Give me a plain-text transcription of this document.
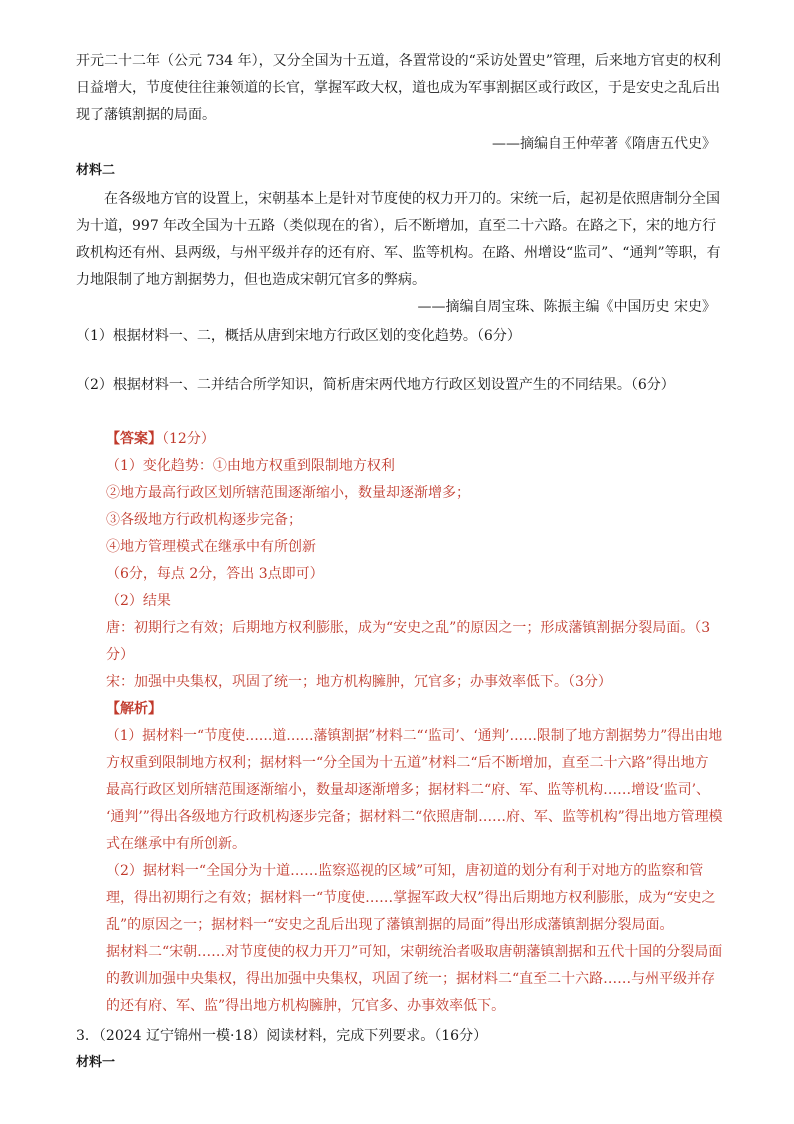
开元二十二年（公元 734 年），又分全国为十五道，各置常设的“采访处置史”管理，后来地方官吏的权利
日益增大，节度使往往兼领道的长官，掌握军政大权，道也成为军事割据区或行政区，于是安史之乱后出
现了藩镇割据的局面。
——摘编自王仲荦著《隋唐五代史》
材料二
在各级地方官的设置上，宋朝基本上是针对节度使的权力开刀的。宋统一后，起初是依照唐制分全国
为十道，997 年改全国为十五路（类似现在的省），后不断增加，直至二十六路。在路之下，宋的地方行
政机构还有州、县两级，与州平级并存的还有府、军、监等机构。在路、州增设“监司”、“通判”等职，有
力地限制了地方割据势力，但也造成宋朝冗官多的弊病。
——摘编自周宝珠、陈振主编《中国历史 宋史》
（1）根据材料一、二，概括从唐到宋地方行政区划的变化趋势。（6分）
（2）根据材料一、二并结合所学知识，简析唐宋两代地方行政区划设置产生的不同结果。（6分）
【答案】（12分）
（1）变化趋势：①由地方权重到限制地方权利
②地方最高行政区划所辖范围逐渐缩小，数量却逐渐增多；
③各级地方行政机构逐步完备；
④地方管理模式在继承中有所创新
（6分，每点 2分，答出 3点即可）
（2）结果
唐：初期行之有效；后期地方权利膨胀，成为“安史之乱”的原因之一；形成藩镇割据分裂局面。（3
分）
宋：加强中央集权，巩固了统一；地方机构臃肿，冗官多；办事效率低下。（3分）
【解析】
（1）据材料一“节度使……道……藩镇割据”材料二“‘监司’、‘通判’……限制了地方割据势力”得出由地
方权重到限制地方权利；据材料一“分全国为十五道”材料二“后不断增加，直至二十六路”得出地方
最高行政区划所辖范围逐渐缩小，数量却逐渐增多；据材料二“府、军、监等机构……增设‘监司’、
‘通判’”得出各级地方行政机构逐步完备；据材料二“依照唐制……府、军、监等机构”得出地方管理模
式在继承中有所创新。
（2）据材料一“全国分为十道……监察巡视的区域”可知，唐初道的划分有利于对地方的监察和管
理，得出初期行之有效；据材料一“节度使……掌握军政大权”得出后期地方权利膨胀，成为“安史之
乱”的原因之一；据材料一“安史之乱后出现了藩镇割据的局面”得出形成藩镇割据分裂局面。
据材料二“宋朝……对节度使的权力开刀”可知，宋朝统治者吸取唐朝藩镇割据和五代十国的分裂局面
的教训加强中央集权，得出加强中央集权，巩固了统一；据材料二“直至二十六路……与州平级并存
的还有府、军、监”得出地方机构臃肿，冗官多、办事效率低下。
3．（2024 辽宁锦州一模·18）阅读材料，完成下列要求。（16分）
材料一
